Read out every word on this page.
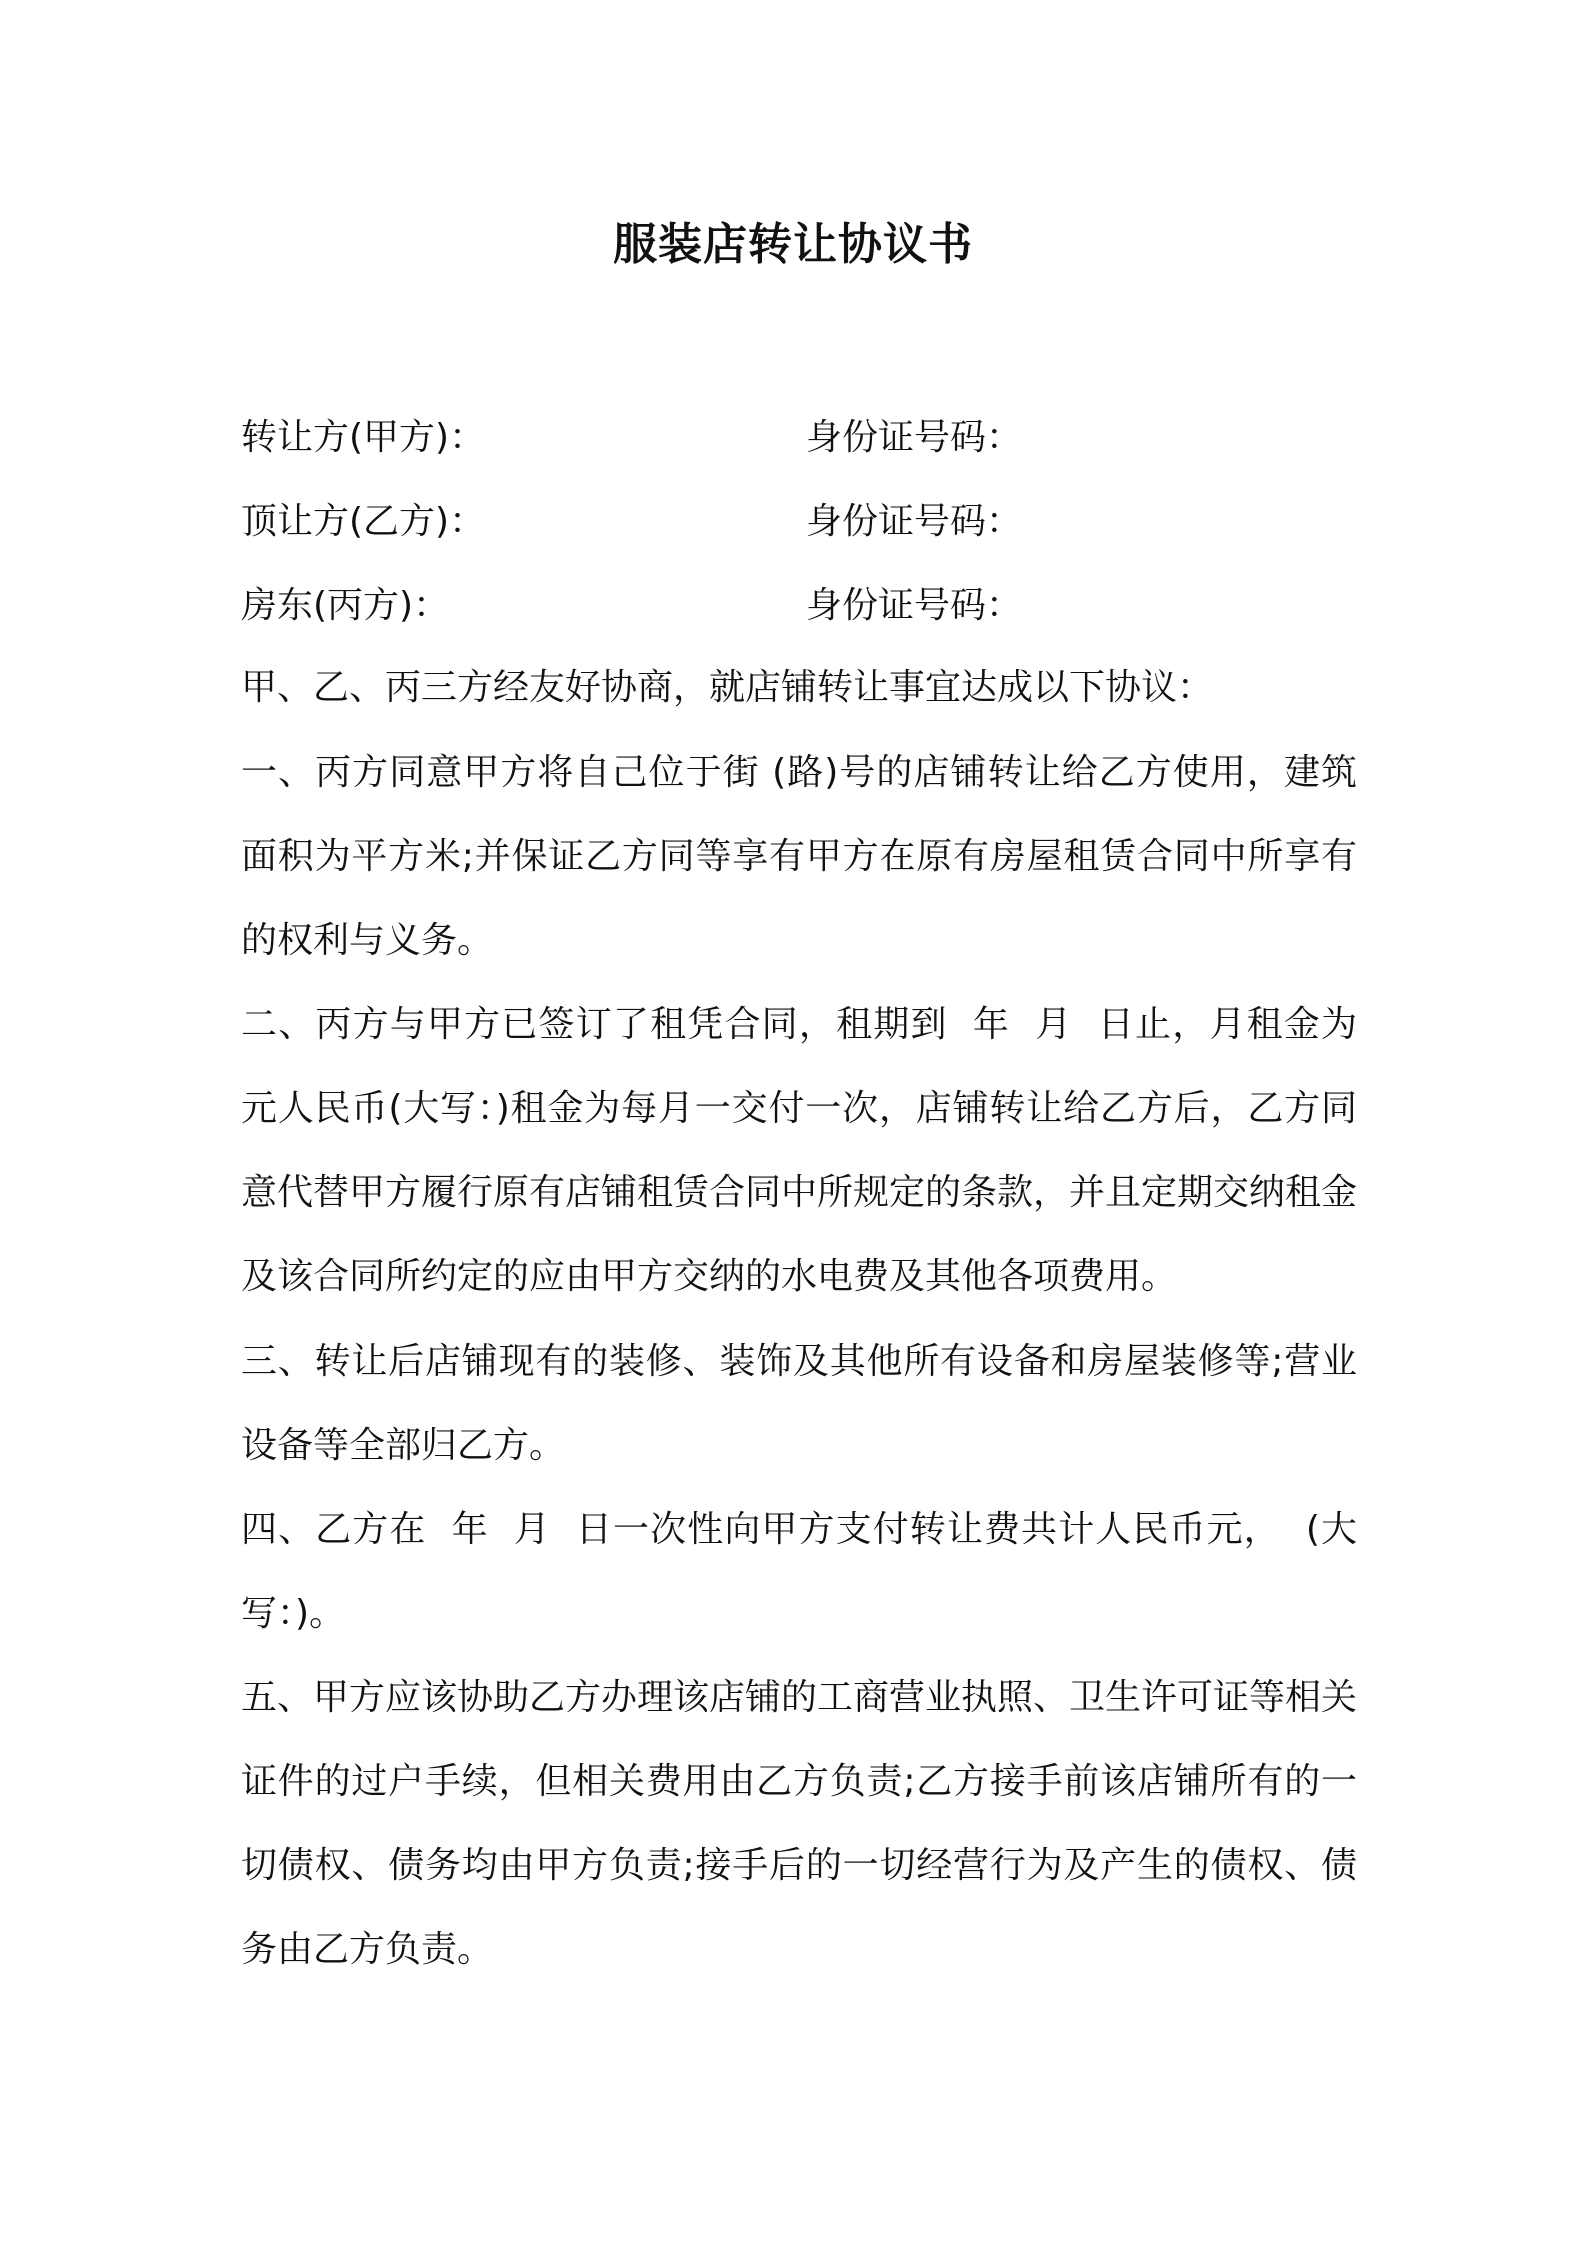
服装店转让协议书
转让方(甲方)：	身份证号码：
顶让方(乙方)：	身份证号码：
房东(丙方)：	身份证号码：
甲、乙、丙三方经友好协商，就店铺转让事宜达成以下协议：
一、丙方同意甲方将自己位于街 (路)号的店铺转让给乙方使用，建筑面积为平方米;并保证乙方同等享有甲方在原有房屋租赁合同中所享有的权利与义务。
二、丙方与甲方已签订了租凭合同，租期到  年  月  日止，月租金为  元人民币(大写：)租金为每月一交付一次，店铺转让给乙方后，乙方同意代替甲方履行原有店铺租赁合同中所规定的条款，并且定期交纳租金及该合同所约定的应由甲方交纳的水电费及其他各项费用。
三、转让后店铺现有的装修、装饰及其他所有设备和房屋装修等;营业设备等全部归乙方。
四、乙方在  年  月  日一次性向甲方支付转让费共计人民币元，  (大写：)。
五、甲方应该协助乙方办理该店铺的工商营业执照、卫生许可证等相关证件的过户手续，但相关费用由乙方负责;乙方接手前该店铺所有的一切债权、债务均由甲方负责;接手后的一切经营行为及产生的债权、债务由乙方负责。
